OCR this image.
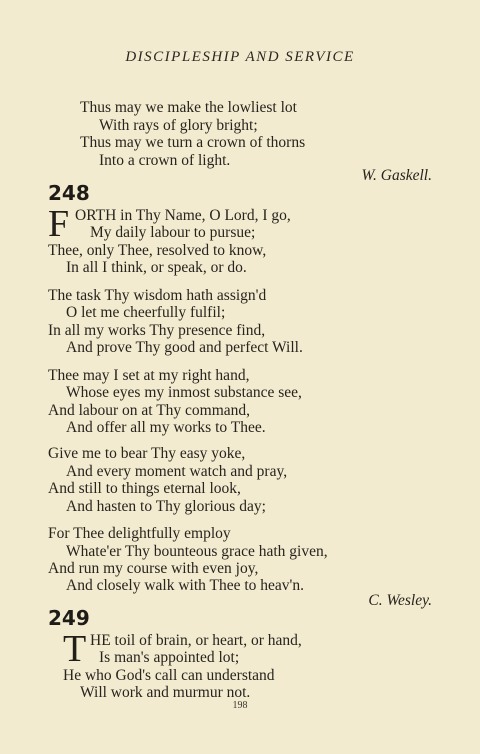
DISCIPLESHIP AND SERVICE
Thus may we make the lowliest lot
With rays of glory bright;
Thus may we turn a crown of thorns
Into a crown of light.
W. Gaskell.
248
F ORTH in Thy Name, O Lord, I go,
My daily labour to pursue;
Thee, only Thee, resolved to know,
In all I think, or speak, or do.
The task Thy wisdom hath assign'd
O let me cheerfully fulfil;
In all my works Thy presence find,
And prove Thy good and perfect Will.
Thee may I set at my right hand,
Whose eyes my inmost substance see,
And labour on at Thy command,
And offer all my works to Thee.
Give me to bear Thy easy yoke,
And every moment watch and pray,
And still to things eternal look,
And hasten to Thy glorious day;
For Thee delightfully employ
Whate'er Thy bounteous grace hath given,
And run my course with even joy,
And closely walk with Thee to heav'n.
C. Wesley.
249
T HE toil of brain, or heart, or hand,
Is man's appointed lot;
He who God's call can understand
Will work and murmur not.
198
